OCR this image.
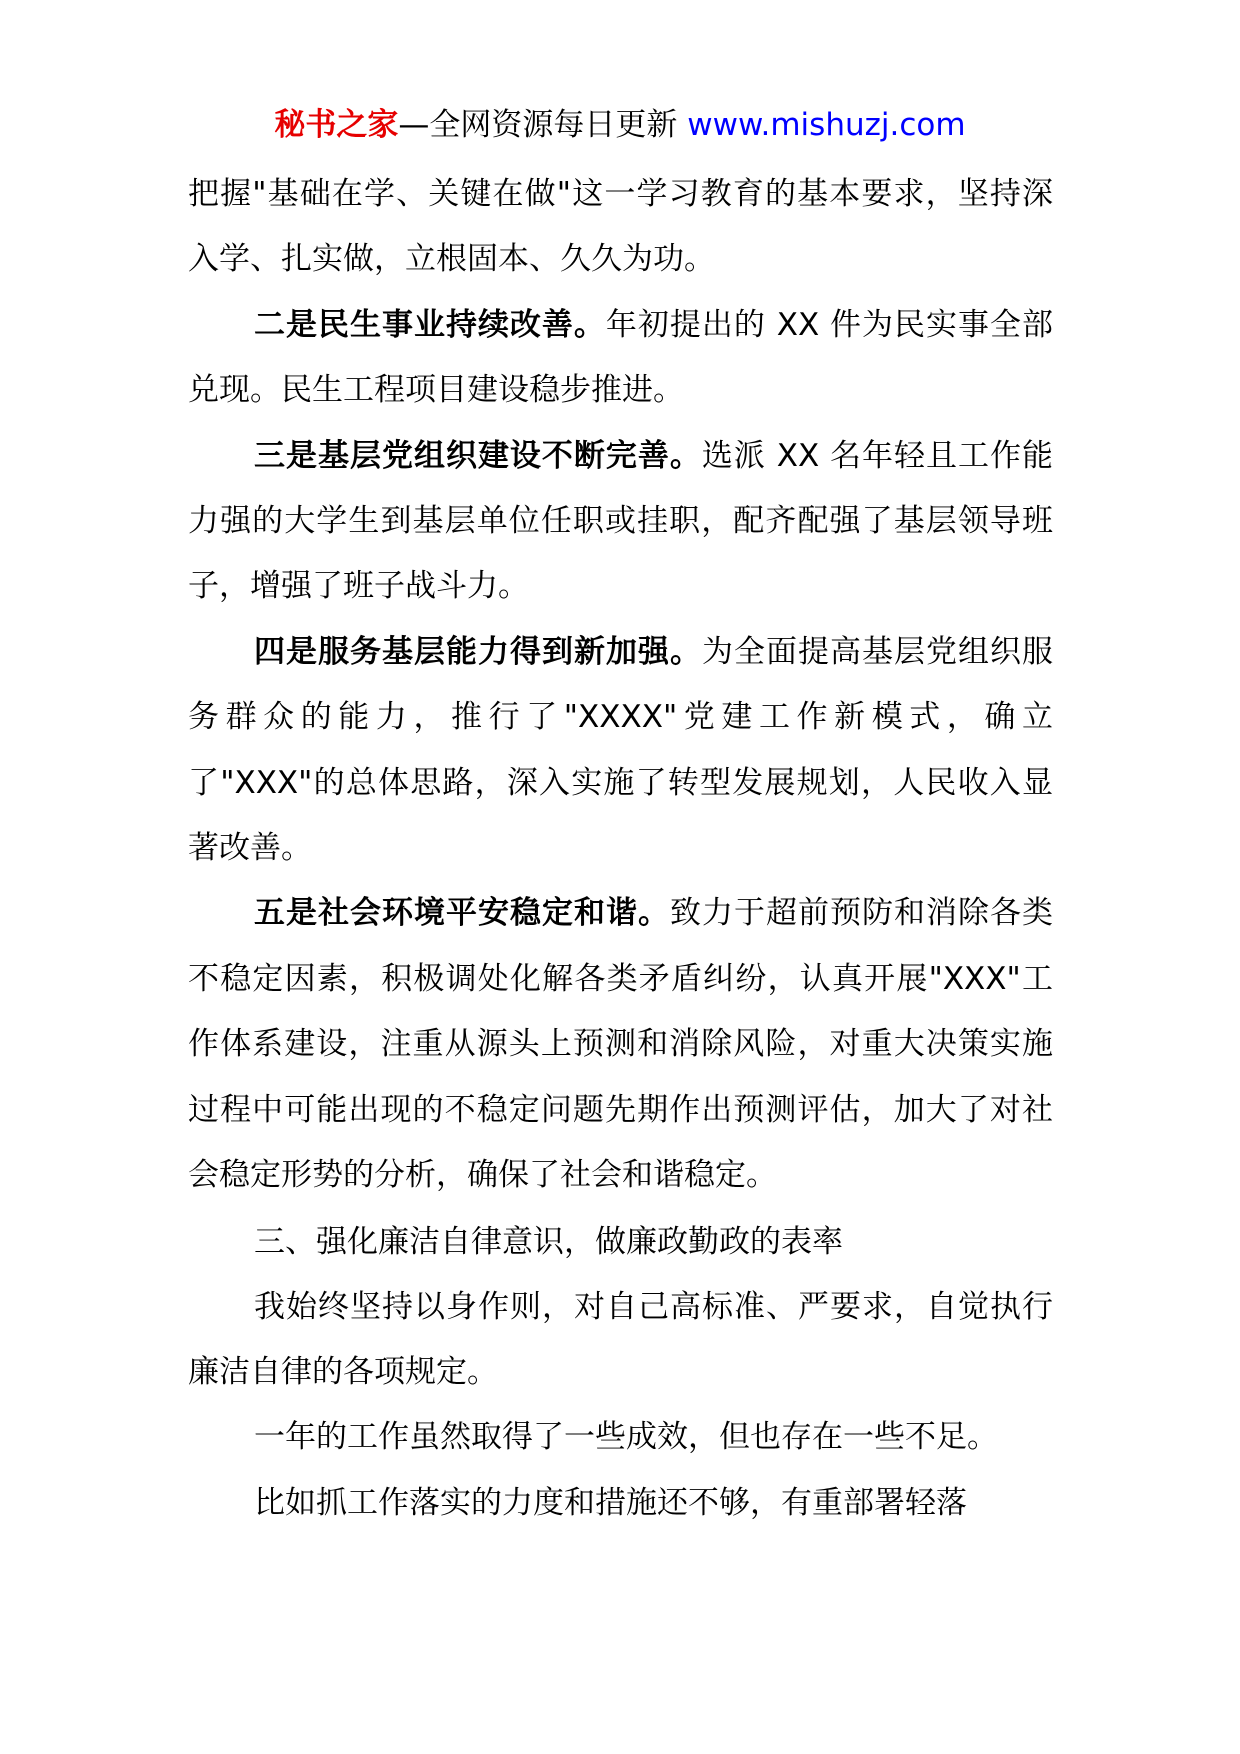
秘书之家—全网资源每日更新 www.mishuzj.com

把握"基础在学、关键在做"这一学习教育的基本要求，坚持深入学、扎实做，立根固本、久久为功。

二是民生事业持续改善。年初提出的 XX 件为民实事全部兑现。民生工程项目建设稳步推进。

三是基层党组织建设不断完善。选派 XX 名年轻且工作能力强的大学生到基层单位任职或挂职，配齐配强了基层领导班子，增强了班子战斗力。

四是服务基层能力得到新加强。为全面提高基层党组织服务群众的能力，推行了"XXXX"党建工作新模式，确立了"XXX"的总体思路，深入实施了转型发展规划，人民收入显著改善。

五是社会环境平安稳定和谐。致力于超前预防和消除各类不稳定因素，积极调处化解各类矛盾纠纷，认真开展"XXX"工作体系建设，注重从源头上预测和消除风险，对重大决策实施过程中可能出现的不稳定问题先期作出预测评估，加大了对社会稳定形势的分析，确保了社会和谐稳定。

三、强化廉洁自律意识，做廉政勤政的表率

我始终坚持以身作则，对自己高标准、严要求，自觉执行廉洁自律的各项规定。

一年的工作虽然取得了一些成效，但也存在一些不足。

比如抓工作落实的力度和措施还不够，有重部署轻落
